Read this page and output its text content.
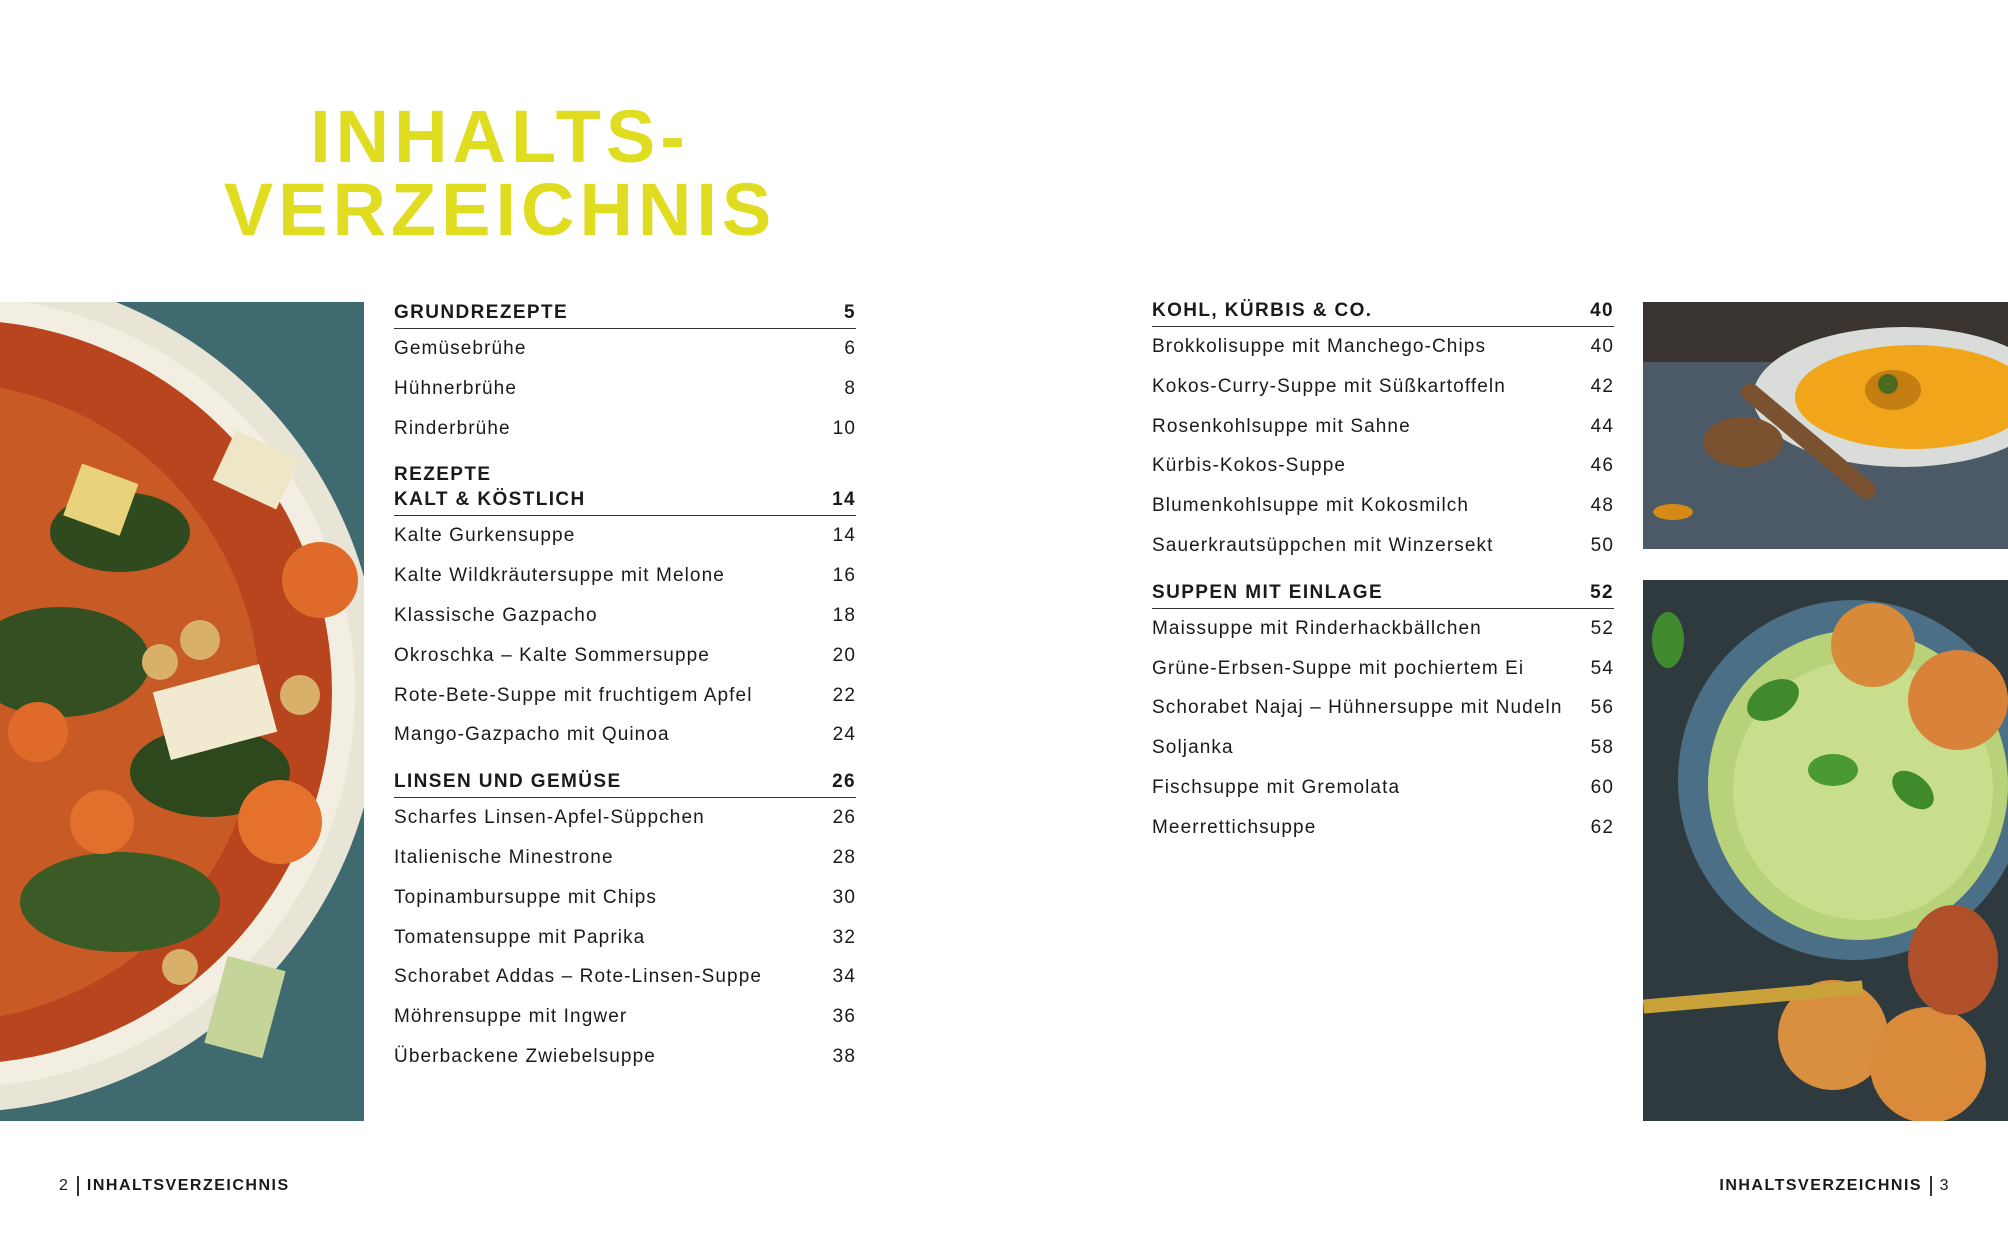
INHALTS-
VERZEICHNIS
GRUNDREZEPTE	5
Gemüsebrühe	6
Hühnerbrühe	8
Rinderbrühe	10
REZEPTE
KALT & KÖSTLICH	14
Kalte Gurkensuppe	14
Kalte Wildkräutersuppe mit Melone	16
Klassische Gazpacho	18
Okroschka – Kalte Sommersuppe	20
Rote-Bete-Suppe mit fruchtigem Apfel	22
Mango-Gazpacho mit Quinoa	24
LINSEN UND GEMÜSE	26
Scharfes Linsen-Apfel-Süppchen	26
Italienische Minestrone	28
Topinambursuppe mit Chips	30
Tomatensuppe mit Paprika	32
Schorabet Addas – Rote-Linsen-Suppe	34
Möhrensuppe mit Ingwer	36
Überbackene Zwiebelsuppe	38
KOHL, KÜRBIS & CO.	40
Brokkolisuppe mit Manchego-Chips	40
Kokos-Curry-Suppe mit Süßkartoffeln	42
Rosenkohlsuppe mit Sahne	44
Kürbis-Kokos-Suppe	46
Blumenkohlsuppe mit Kokosmilch	48
Sauerkrautsüppchen mit Winzersekt	50
SUPPEN MIT EINLAGE	52
Maissuppe mit Rinderhackbällchen	52
Grüne-Erbsen-Suppe mit pochiertem Ei	54
Schorabet Najaj – Hühnersuppe mit Nudeln 56
Soljanka	58
Fischsuppe mit Gremolata	60
Meerrettichsuppe	62
2 INHALTSVERZEICHNIS	INHALTSVERZEICHNIS 3
